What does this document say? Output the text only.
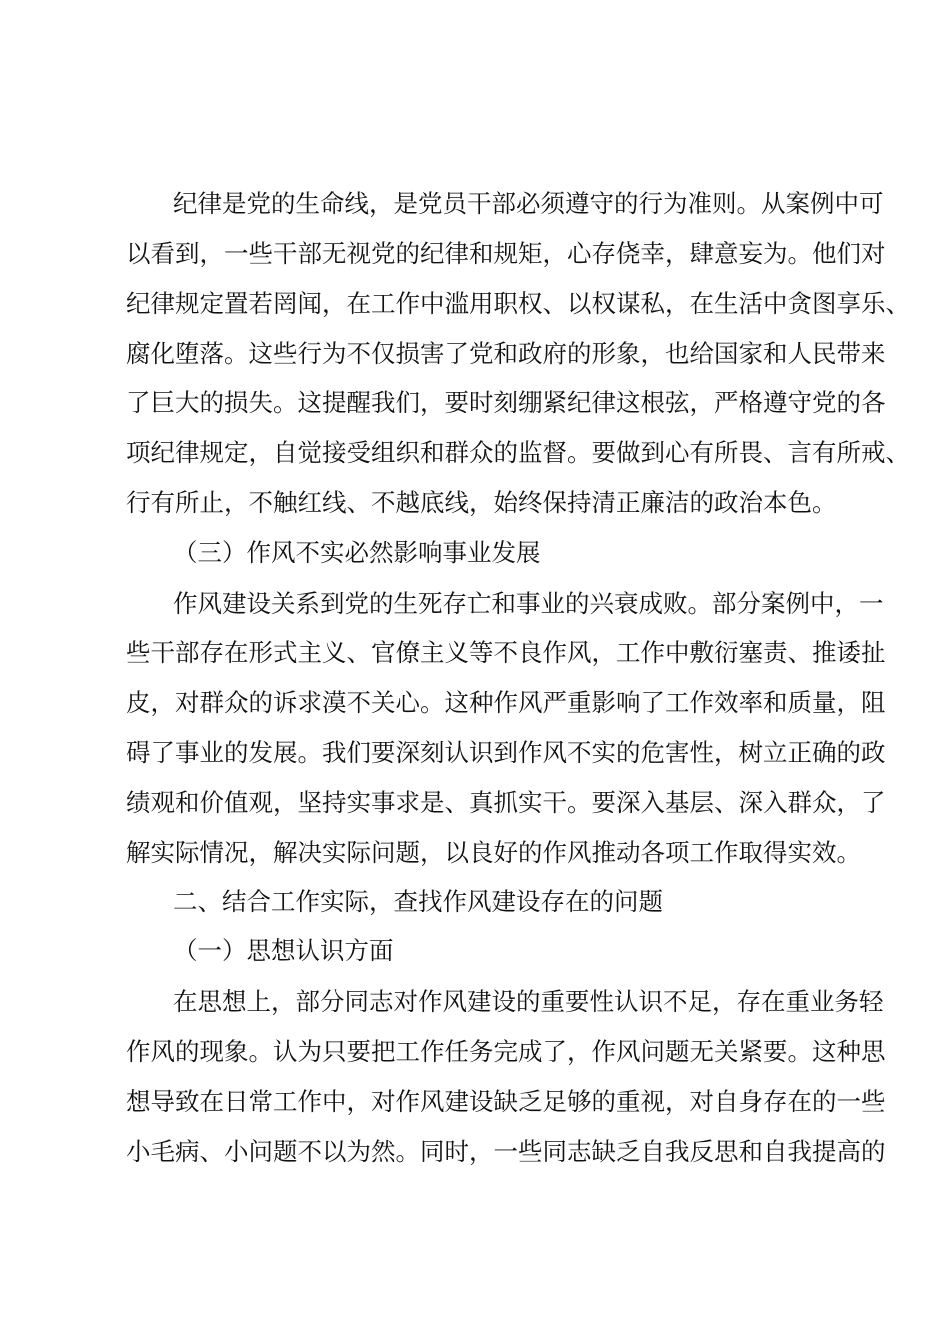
纪律是党的生命线，是党员干部必须遵守的行为准则。从案例中可
以看到，一些干部无视党的纪律和规矩，心存侥幸，肆意妄为。他们对
纪律规定置若罔闻，在工作中滥用职权、以权谋私，在生活中贪图享乐、
腐化堕落。这些行为不仅损害了党和政府的形象，也给国家和人民带来
了巨大的损失。这提醒我们，要时刻绷紧纪律这根弦，严格遵守党的各
项纪律规定，自觉接受组织和群众的监督。要做到心有所畏、言有所戒、
行有所止，不触红线、不越底线，始终保持清正廉洁的政治本色。
（三）作风不实必然影响事业发展
作风建设关系到党的生死存亡和事业的兴衰成败。部分案例中，一
些干部存在形式主义、官僚主义等不良作风，工作中敷衍塞责、推诿扯
皮，对群众的诉求漠不关心。这种作风严重影响了工作效率和质量，阻
碍了事业的发展。我们要深刻认识到作风不实的危害性，树立正确的政
绩观和价值观，坚持实事求是、真抓实干。要深入基层、深入群众，了
解实际情况，解决实际问题，以良好的作风推动各项工作取得实效。
二、结合工作实际，查找作风建设存在的问题
（一）思想认识方面
在思想上，部分同志对作风建设的重要性认识不足，存在重业务轻
作风的现象。认为只要把工作任务完成了，作风问题无关紧要。这种思
想导致在日常工作中，对作风建设缺乏足够的重视，对自身存在的一些
小毛病、小问题不以为然。同时，一些同志缺乏自我反思和自我提高的
